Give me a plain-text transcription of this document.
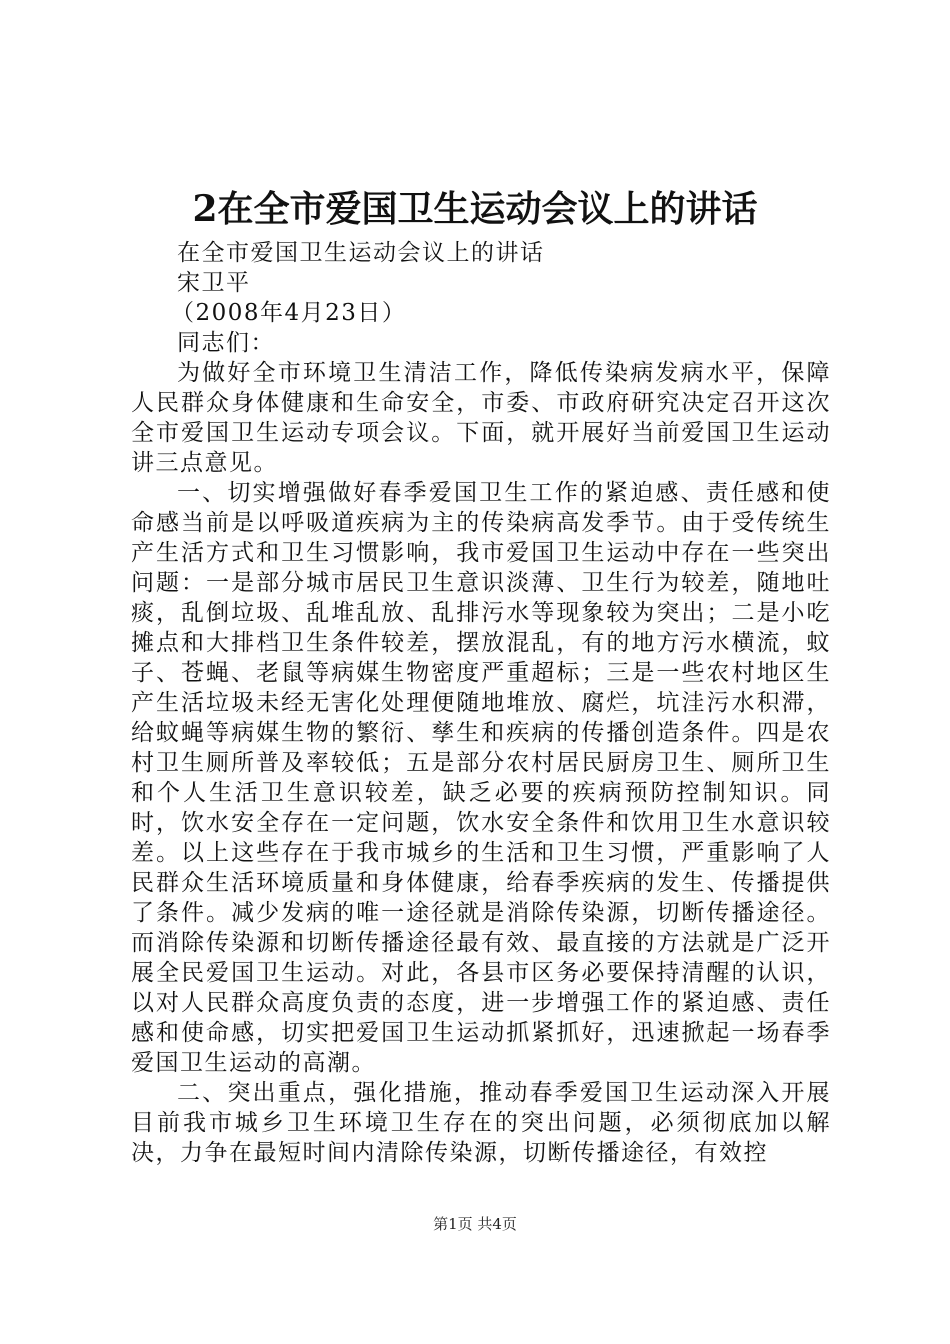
2在全市爱国卫生运动会议上的讲话

在全市爱国卫生运动会议上的讲话

宋卫平

（2008年4月23日）

同志们：

为做好全市环境卫生清洁工作，降低传染病发病水平，保障人民群众身体健康和生命安全，市委、市政府研究决定召开这次全市爱国卫生运动专项会议。下面，就开展好当前爱国卫生运动讲三点意见。

一、切实增强做好春季爱国卫生工作的紧迫感、责任感和使命感当前是以呼吸道疾病为主的传染病高发季节。由于受传统生产生活方式和卫生习惯影响，我市爱国卫生运动中存在一些突出问题：一是部分城市居民卫生意识淡薄、卫生行为较差，随地吐痰，乱倒垃圾、乱堆乱放、乱排污水等现象较为突出；二是小吃摊点和大排档卫生条件较差，摆放混乱，有的地方污水横流，蚊子、苍蝇、老鼠等病媒生物密度严重超标；三是一些农村地区生产生活垃圾未经无害化处理便随地堆放、腐烂，坑洼污水积滞，给蚊蝇等病媒生物的繁衍、孳生和疾病的传播创造条件。四是农村卫生厕所普及率较低；五是部分农村居民厨房卫生、厕所卫生和个人生活卫生意识较差，缺乏必要的疾病预防控制知识。同时，饮水安全存在一定问题，饮水安全条件和饮用卫生水意识较差。以上这些存在于我市城乡的生活和卫生习惯，严重影响了人民群众生活环境质量和身体健康，给春季疾病的发生、传播提供了条件。减少发病的唯一途径就是消除传染源，切断传播途径。而消除传染源和切断传播途径最有效、最直接的方法就是广泛开展全民爱国卫生运动。对此，各县市区务必要保持清醒的认识，以对人民群众高度负责的态度，进一步增强工作的紧迫感、责任感和使命感，切实把爱国卫生运动抓紧抓好，迅速掀起一场春季爱国卫生运动的高潮。

二、突出重点，强化措施，推动春季爱国卫生运动深入开展目前我市城乡卫生环境卫生存在的突出问题，必须彻底加以解决，力争在最短时间内清除传染源，切断传播途径，有效控

第1页 共4页
